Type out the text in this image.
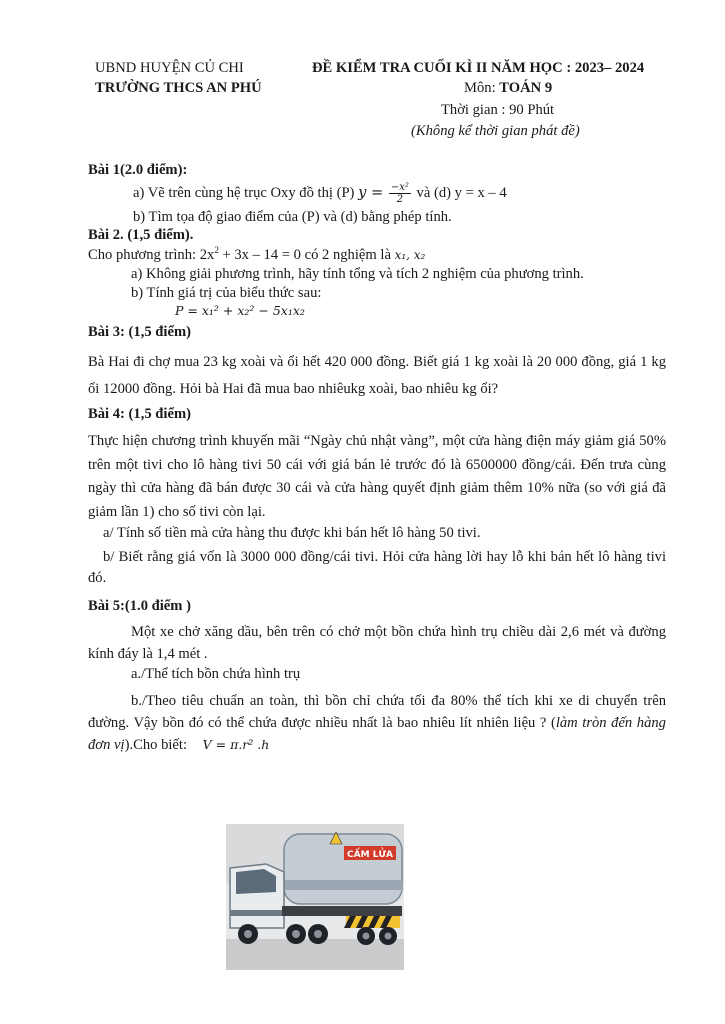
UBND HUYỆN CỦ CHI
TRƯỜNG THCS AN PHÚ
ĐỀ KIỂM TRA CUỐI KÌ II NĂM HỌC : 2023– 2024
Môn: TOÁN 9
Thời gian : 90 Phút
(Không kể thời gian phát đề)
Bài 1(2.0 điểm):
a) Vẽ trên cùng hệ trục Oxy đồ thị (P) $y = \frac{\text{−x²}}{2}$ và (d) y = x – 4
b) Tìm tọa độ giao điểm của (P) và (d) bằng phép tính.
Bài 2. (1,5 điểm).
Cho phương trình: $2x^2 + 3x - 14 = 0$ có 2 nghiệm là x₁, x₂
a) Không giải phương trình, hãy tính tổng và tích 2 nghiệm của phương trình.
b) Tính giá trị của biểu thức sau:
P = x₁² + x₂² − 5x₁x₂
Bài 3: (1,5 điểm)
Bà Hai đi chợ mua 23 kg xoài và ổi hết 420 000 đồng. Biết giá 1 kg xoài là 20 000 đồng, giá 1 kg ổi 12000 đồng. Hỏi bà Hai đã mua bao nhiêukg xoài, bao nhiêu kg ổi?
Bài 4: (1,5 điểm)
Thực hiện chương trình khuyến mãi “Ngày chủ nhật vàng”, một cửa hàng điện máy giảm giá 50% trên một tivi cho lô hàng tivi 50 cái với giá bán lẻ trước đó là 6500000 đồng/cái. Đến trưa cùng ngày thì cửa hàng đã bán được 30 cái và cửa hàng quyết định giảm thêm 10% nữa (so với giá đã giảm lần 1) cho số tivi còn lại.
a/ Tính số tiền mà cửa hàng thu được khi bán hết lô hàng 50 tivi.
b/ Biết rằng giá vốn là 3000 000 đồng/cái tivi. Hỏi cửa hàng lời hay lỗ khi bán hết lô hàng tivi đó.
Bài 5:(1.0 điểm )
Một xe chở xăng dầu, bên trên có chở một bồn chứa hình trụ chiều dài 2,6 mét và đường kính đáy là 1,4 mét .
a./Thể tích bồn chứa hình trụ
b./Theo tiêu chuẩn an toàn, thì bồn chỉ chứa tối đa 80% thể tích khi xe di chuyển trên đường. Vậy bồn đó có thể chứa được nhiều nhất là bao nhiêu lít nhiên liệu ? (làm tròn đến hàng đơn vị).Cho biết: V = π.r² .h
CẤM LỬA
